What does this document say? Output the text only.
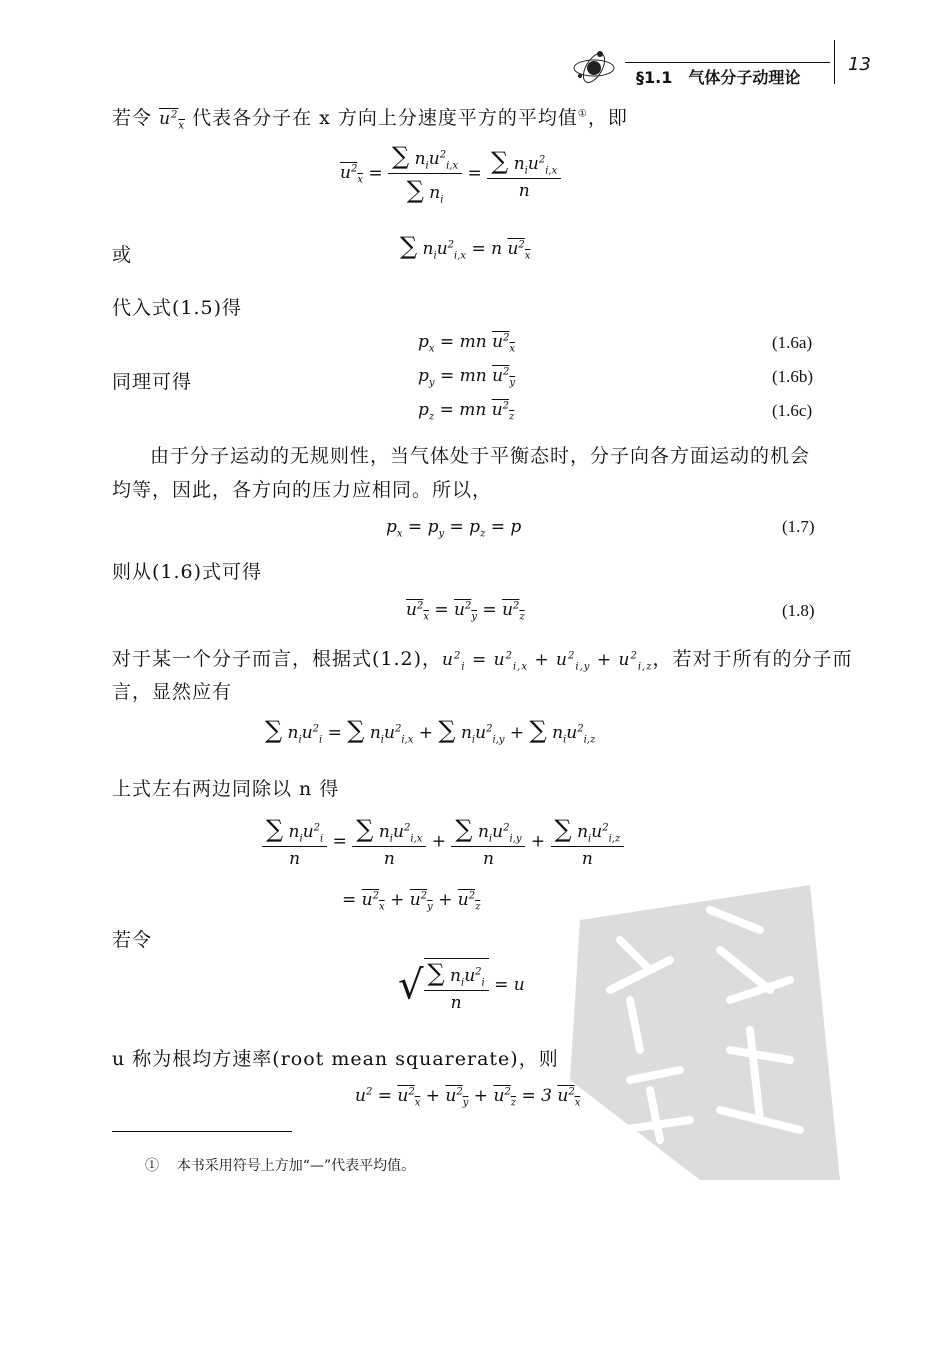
§1.1　气体分子动理论
13
若令 $u^2_x$ 代表各分子在 x 方向上分速度平方的平均值①，即
$u^2_x = \frac{\sum n_iu^2_{i,x}}{\sum n_i} = \frac{\sum n_iu^2_{i,x}}{n}$
或	∑ $n_iu^2_{i,x} = n$ $u^2_x$
代入式(1.5)得
$p_x$ = mn $u^2_x$	(1.6a)
同理可得	$p_y$ = mn $u^2_y$	(1.6b)
$p_z$ = mn $u^2_z$	(1.6c)
由于分子运动的无规则性，当气体处于平衡态时，分子向各方面运动的机会
均等，因此，各方向的压力应相同。所以，
$p_x = p_y = p_z = p$	(1.7)
则从(1.6)式可得
$u^2_x = u^2_y = u^2_z$	(1.8)
对于某一个分子而言，根据式(1.2)，$u^2_i = u^2_{i,x} + u^2_{i,y} + u^2_{i,z}$，若对于所有的分子而
言，显然应有
∑ $n_iu^2_i$ = ∑ $n_iu^2_{i,x}$ + ∑ $n_iu^2_{i,y}$ + ∑ $n_iu^2_{i,z}$
上式左右两边同除以 n 得
$\frac{\sum n_iu^2_i}{n} = \frac{\sum n_iu^2_{i,x}}{n} + \frac{\sum n_iu^2_{i,y}}{n} + \frac{\sum n_iu^2_{i,z}}{n}$
= $u^2_x + u^2_y + u^2_z$
若令
√ $\frac{\sum n_iu^2_i}{n} = u$
u 称为根均方速率(root mean squarerate)，则
$u^2 = u^2_x + u^2_y + u^2_z = 3$ $u^2_x$
① 本书采用符号上方加“—”代表平均值。
